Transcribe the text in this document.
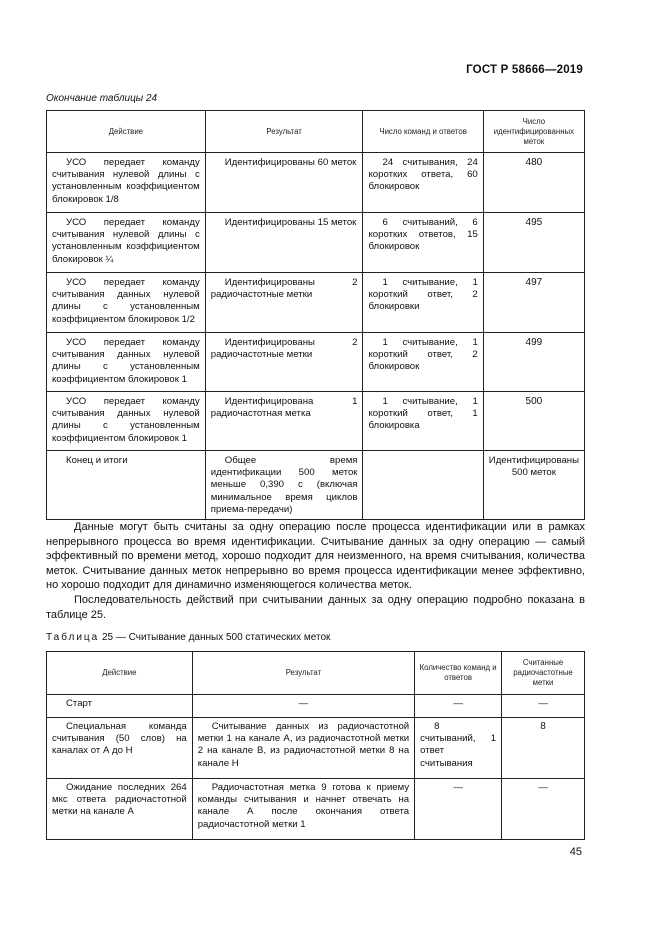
ГОСТ Р 58666—2019
Окончание таблицы 24
Действие	Результат	Число команд и ответов	Число идентифицированных меток
УСО передает команду считывания нулевой длины с установленным коэффициентом блокировок 1/8	Идентифицированы 60 меток	24 считывания, 24 коротких ответа, 60 блокировок	480
УСО передает команду считывания нулевой длины с установленным коэффициентом блокировок ¼	Идентифицированы 15 меток	6 считываний, 6 коротких ответов, 15 блокировок	495
УСО передает команду считывания данных нулевой длины с установленным коэффициентом блокировок 1/2	Идентифицированы 2 радиочастотные метки	1 считывание, 1 короткий ответ, 2 блокировки	497
УСО передает команду считывания данных нулевой длины с установленным коэффициентом блокировок 1	Идентифицированы 2 радиочастотные метки	1 считывание, 1 короткий ответ, 2 блокировок	499
УСО передает команду считывания данных нулевой длины с установленным коэффициентом блокировок 1	Идентифицирована 1 радиочастотная метка	1 считывание, 1 короткий ответ, 1 блокировка	500
Конец и итоги	Общее время идентификации 500 меток меньше 0,390 с (включая минимальное время циклов приема-передачи)		Идентифицированы 500 меток

Данные могут быть считаны за одну операцию после процесса идентификации или в рамках непрерывного процесса во время идентификации. Считывание данных за одну операцию — самый эффективный по времени метод, хорошо подходит для неизменного, на время считывания, количества меток. Считывание данных меток непрерывно во время процесса идентификации менее эффективно, но хорошо подходит для динамично изменяющегося количества меток.

Последовательность действий при считывании данных за одну операцию подробно показана в таблице 25.

Таблица 25 — Считывание данных 500 статических меток
Действие	Результат	Количество команд и ответов	Считанные радиочастотные метки
Старт	—	—	—
Специальная команда считывания (50 слов) на каналах от А до Н	Считывание данных из радиочастотной метки 1 на канале А, из радиочастотной метки 2 на канале В, из радиочастотной метки 8 на канале Н	8 считываний, 1 ответ считывания	8
Ожидание последних 264 мкс ответа радиочастотной метки на канале А	Радиочастотная метка 9 готова к приему команды считывания и начнет отвечать на канале А после окончания ответа радиочастотной метки 1	—	—
45
